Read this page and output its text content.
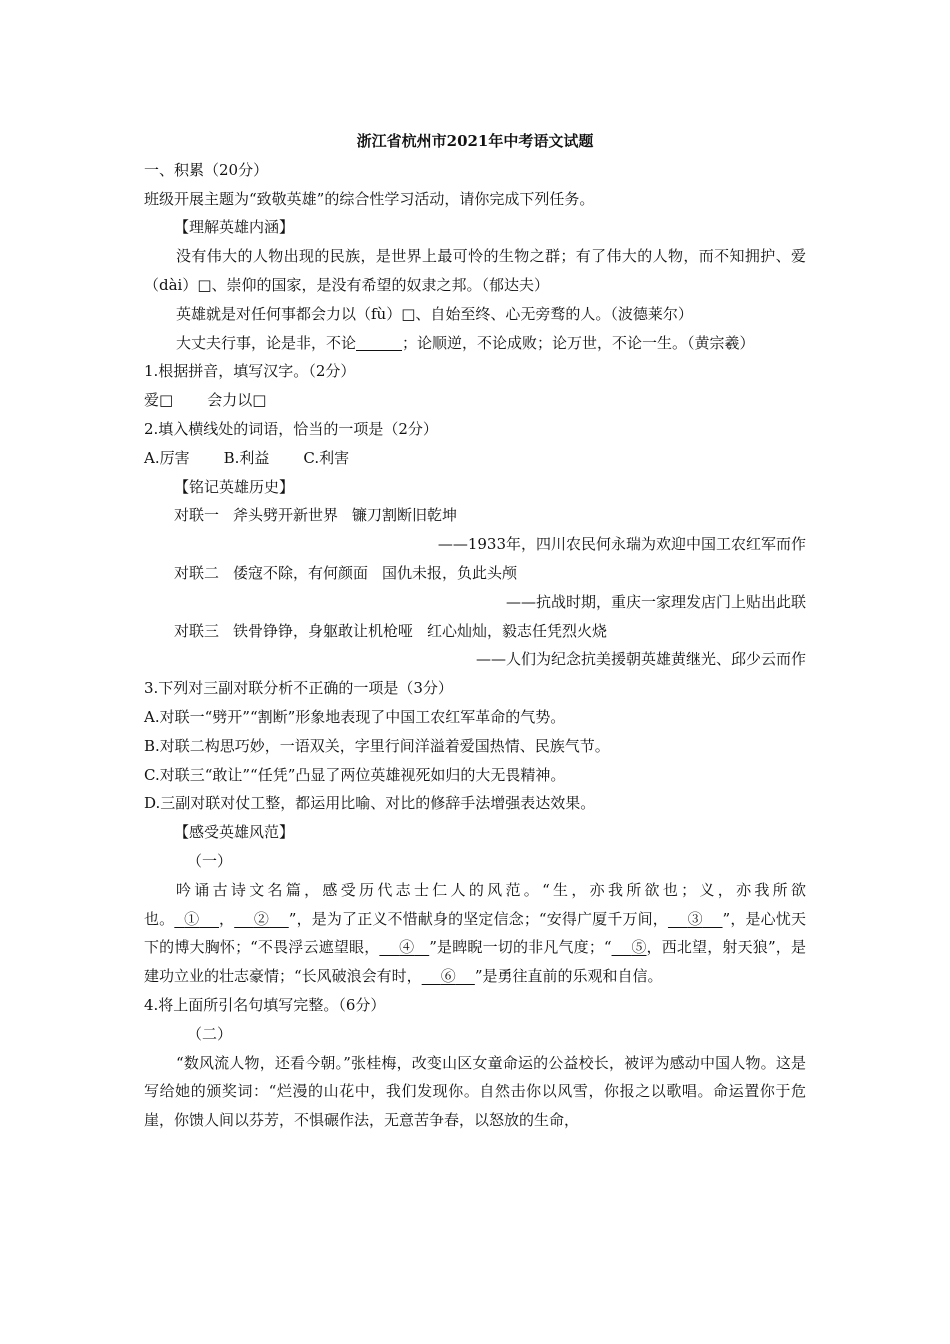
浙江省杭州市2021年中考语文试题

一、积累（20分）

班级开展主题为“致敬英雄”的综合性学习活动，请你完成下列任务。

【理解英雄内涵】

没有伟大的人物出现的民族，是世界上最可怜的生物之群；有了伟大的人物，而不知拥护、爱（dài）□、崇仰的国家，是没有希望的奴隶之邦。（郁达夫）

英雄就是对任何事都会力以（fù）□、自始至终、心无旁骛的人。（波德莱尔）

大丈夫行事，论是非，不论	；论顺逆，不论成败；论万世，不论一生。（黄宗羲）

1.根据拼音，填写汉字。（2分）

爱□ 会力以□

2.填入横线处的词语，恰当的一项是（2分）

A.厉害 B.利益 C.利害

【铭记英雄历史】

对联一 斧头劈开新世界 镰刀割断旧乾坤

——1933年，四川农民何永瑞为欢迎中国工农红军而作

对联二 倭寇不除，有何颜面 国仇未报，负此头颅

——抗战时期，重庆一家理发店门上贴出此联

对联三 铁骨铮铮，身躯敢让机枪哑 红心灿灿，毅志任凭烈火烧

——人们为纪念抗美援朝英雄黄继光、邱少云而作

3.下列对三副对联分析不正确的一项是（3分）

A.对联一“劈开”“割断”形象地表现了中国工农红军革命的气势。

B.对联二构思巧妙，一语双关，字里行间洋溢着爱国热情、民族气节。

C.对联三“敢让”“任凭”凸显了两位英雄视死如归的大无畏精神。

D.三副对联对仗工整，都运用比喻、对比的修辞手法增强表达效果。

【感受英雄风范】

（一）

吟诵古诗文名篇，感受历代志士仁人的风范。“生，亦我所欲也；义，亦我所欲也。 ① ， ② ”，是为了正义不惜献身的坚定信念；“安得广厦千万间， ③ ”，是心忧天下的博大胸怀；“不畏浮云遮望眼， ④ ”是睥睨一切的非凡气度；“ ⑤，西北望，射天狼”，是建功立业的壮志豪情；“长风破浪会有时， ⑥ ”是勇往直前的乐观和自信。

4.将上面所引名句填写完整。（6分）

（二）

“数风流人物，还看今朝。”张桂梅，改变山区女童命运的公益校长，被评为感动中国人物。这是写给她的颁奖词：“烂漫的山花中，我们发现你。自然击你以风雪，你报之以歌唱。命运置你于危崖，你馈人间以芬芳，不惧碾作法，无意苦争春，以怒放的生命，
